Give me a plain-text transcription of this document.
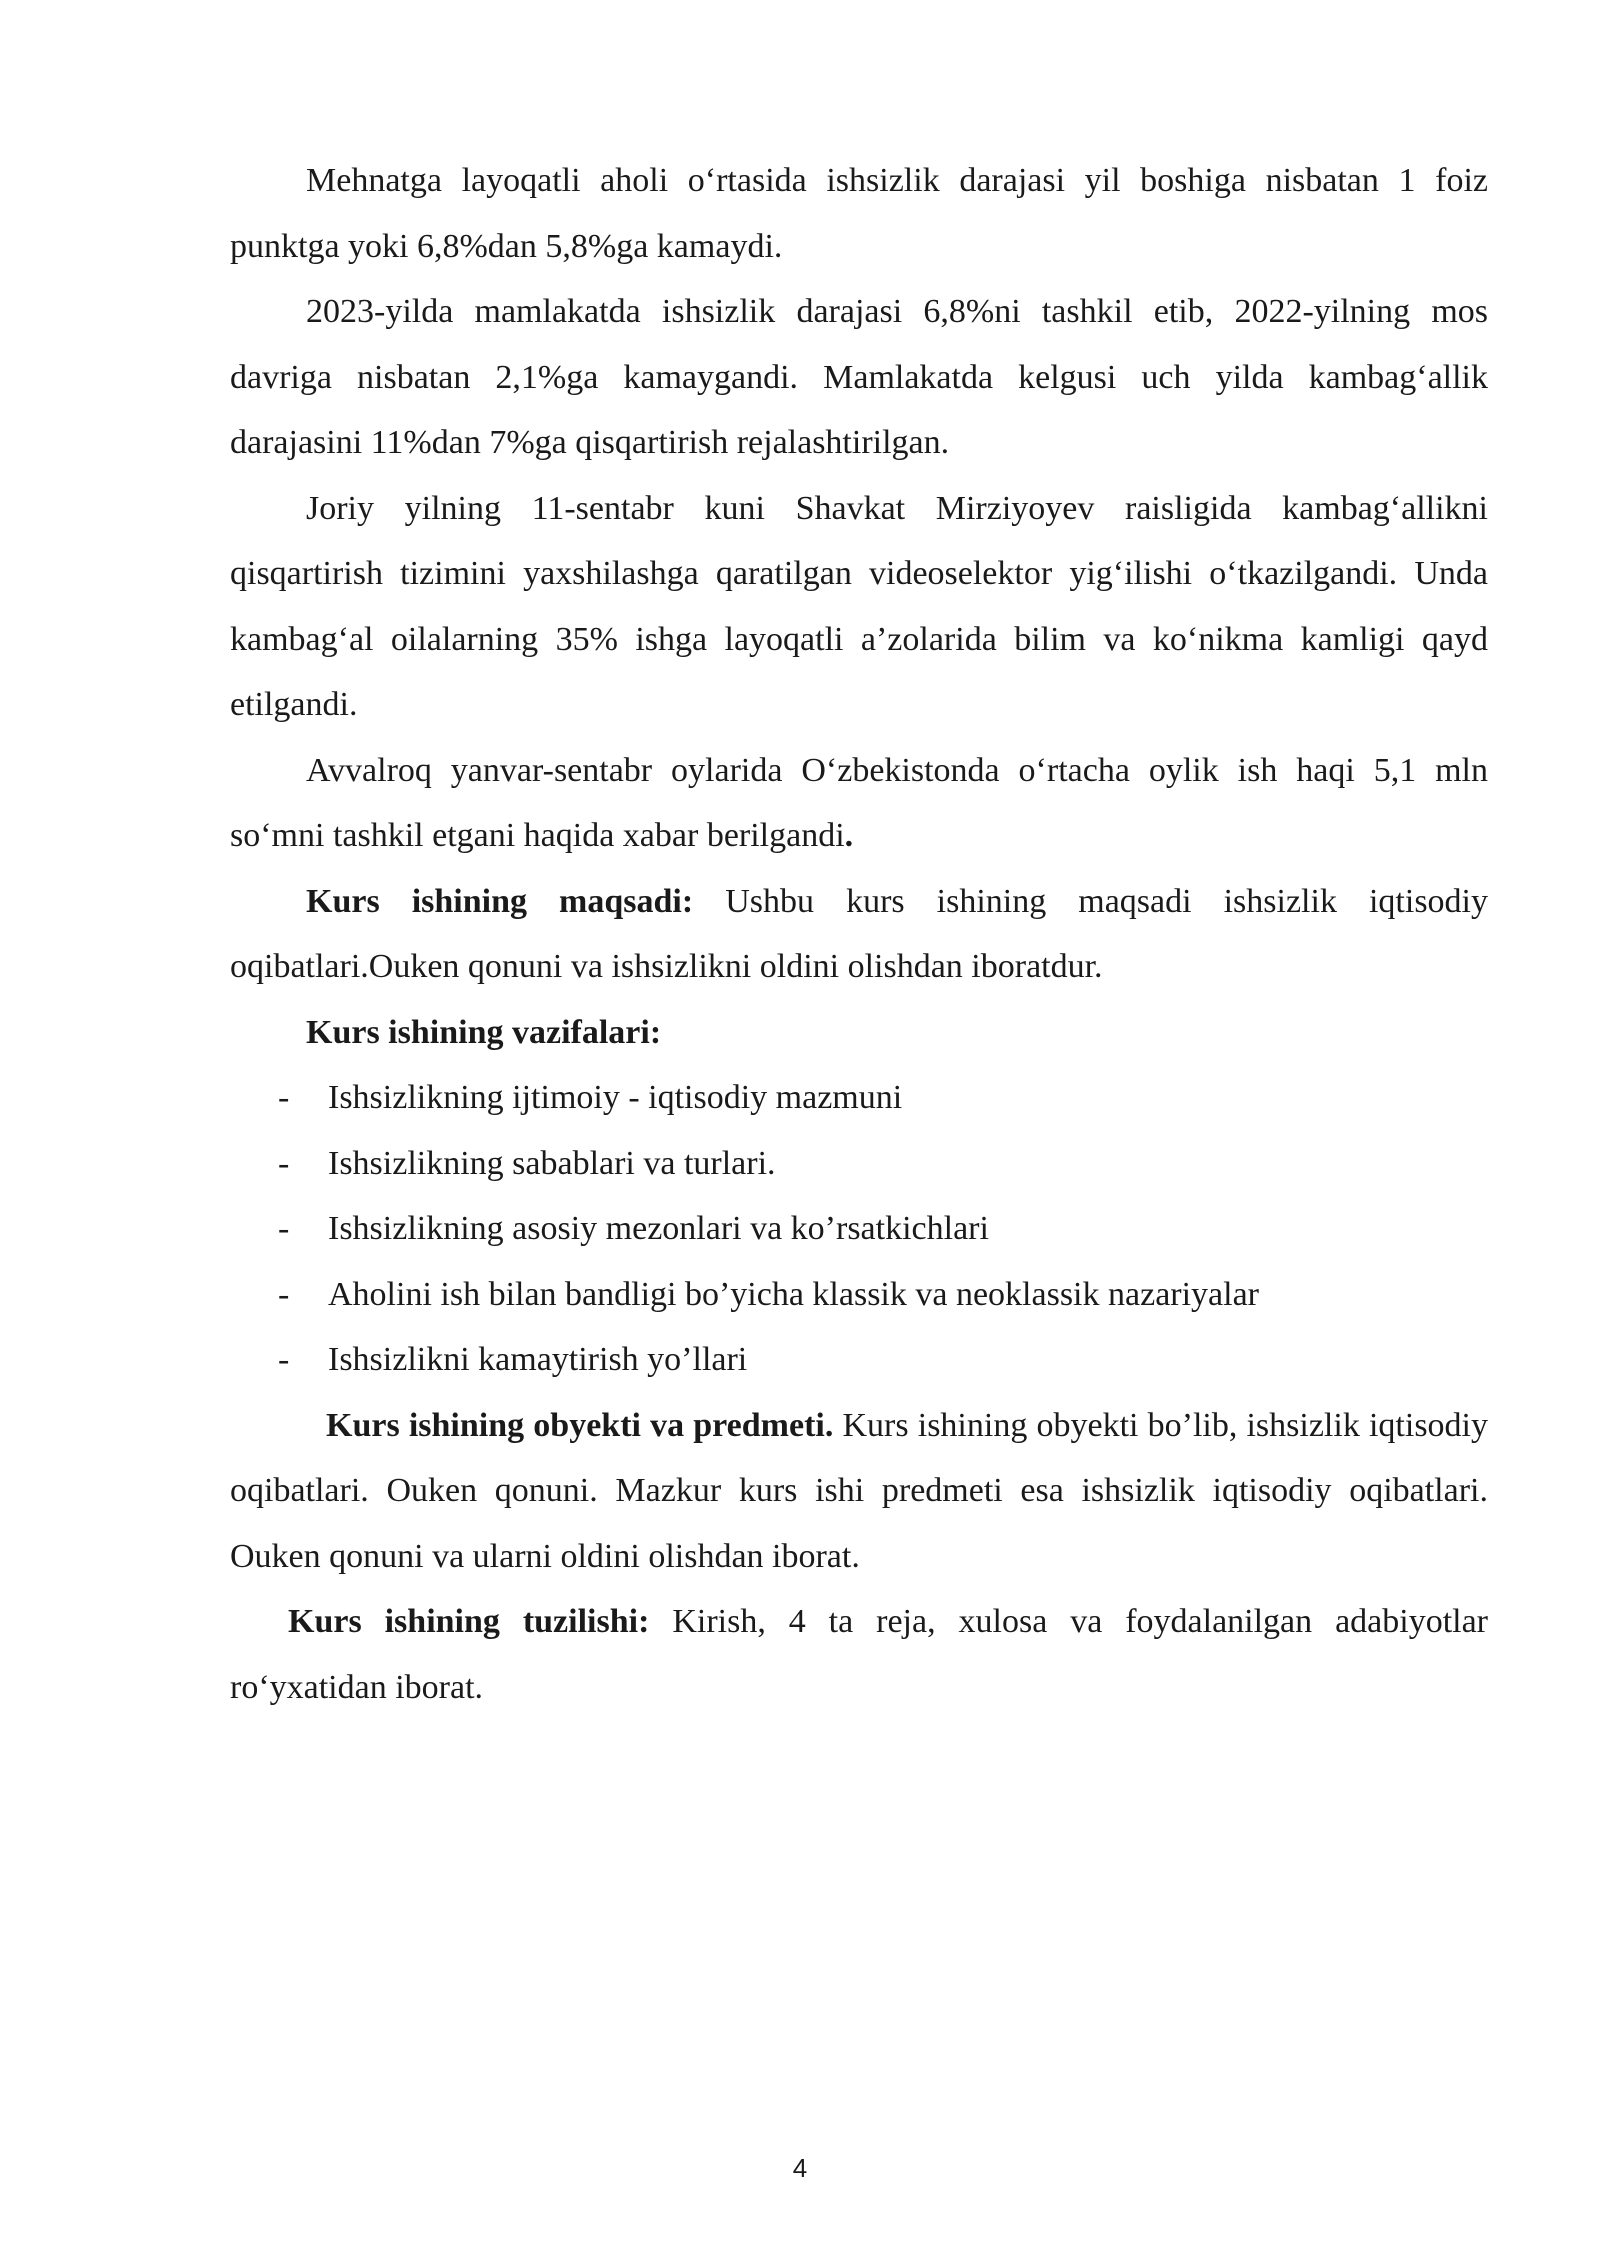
Mehnatga layoqatli aholi o‘rtasida ishsizlik darajasi yil boshiga nisbatan 1 foiz punktga yoki 6,8%dan 5,8%ga kamaydi.

2023-yilda mamlakatda ishsizlik darajasi 6,8%ni tashkil etib, 2022-yilning mos davriga nisbatan 2,1%ga kamaygandi. Mamlakatda kelgusi uch yilda kambag‘allik darajasini 11%dan 7%ga qisqartirish rejalashtirilgan.

Joriy yilning 11-sentabr kuni Shavkat Mirziyoyev raisligida kambag‘allikni qisqartirish tizimini yaxshilashga qaratilgan videoselektor yig‘ilishi o‘tkazilgandi. Unda kambag‘al oilalarning 35% ishga layoqatli a’zolarida bilim va ko‘nikma kamligi qayd etilgandi.

Avvalroq yanvar-sentabr oylarida O‘zbekistonda o‘rtacha oylik ish haqi 5,1 mln so‘mni tashkil etgani haqida xabar berilgandi.

Kurs ishining maqsadi: Ushbu kurs ishining maqsadi ishsizlik iqtisodiy oqibatlari.Ouken qonuni va ishsizlikni oldini olishdan iboratdur.

Kurs ishining vazifalari:

- Ishsizlikning ijtimoiy - iqtisodiy mazmuni
- Ishsizlikning sabablari va turlari.
- Ishsizlikning asosiy mezonlari va ko’rsatkichlari
- Aholini ish bilan bandligi bo’yicha klassik va neoklassik nazariyalar
- Ishsizlikni kamaytirish yo’llari

Kurs ishining obyekti va predmeti. Kurs ishining obyekti bo’lib, ishsizlik iqtisodiy oqibatlari. Ouken qonuni. Mazkur kurs ishi predmeti esa ishsizlik iqtisodiy oqibatlari. Ouken qonuni va ularni oldini olishdan iborat.

Kurs ishining tuzilishi: Kirish, 4 ta reja, xulosa va foydalanilgan adabiyotlar ro‘yxatidan iborat.

4
